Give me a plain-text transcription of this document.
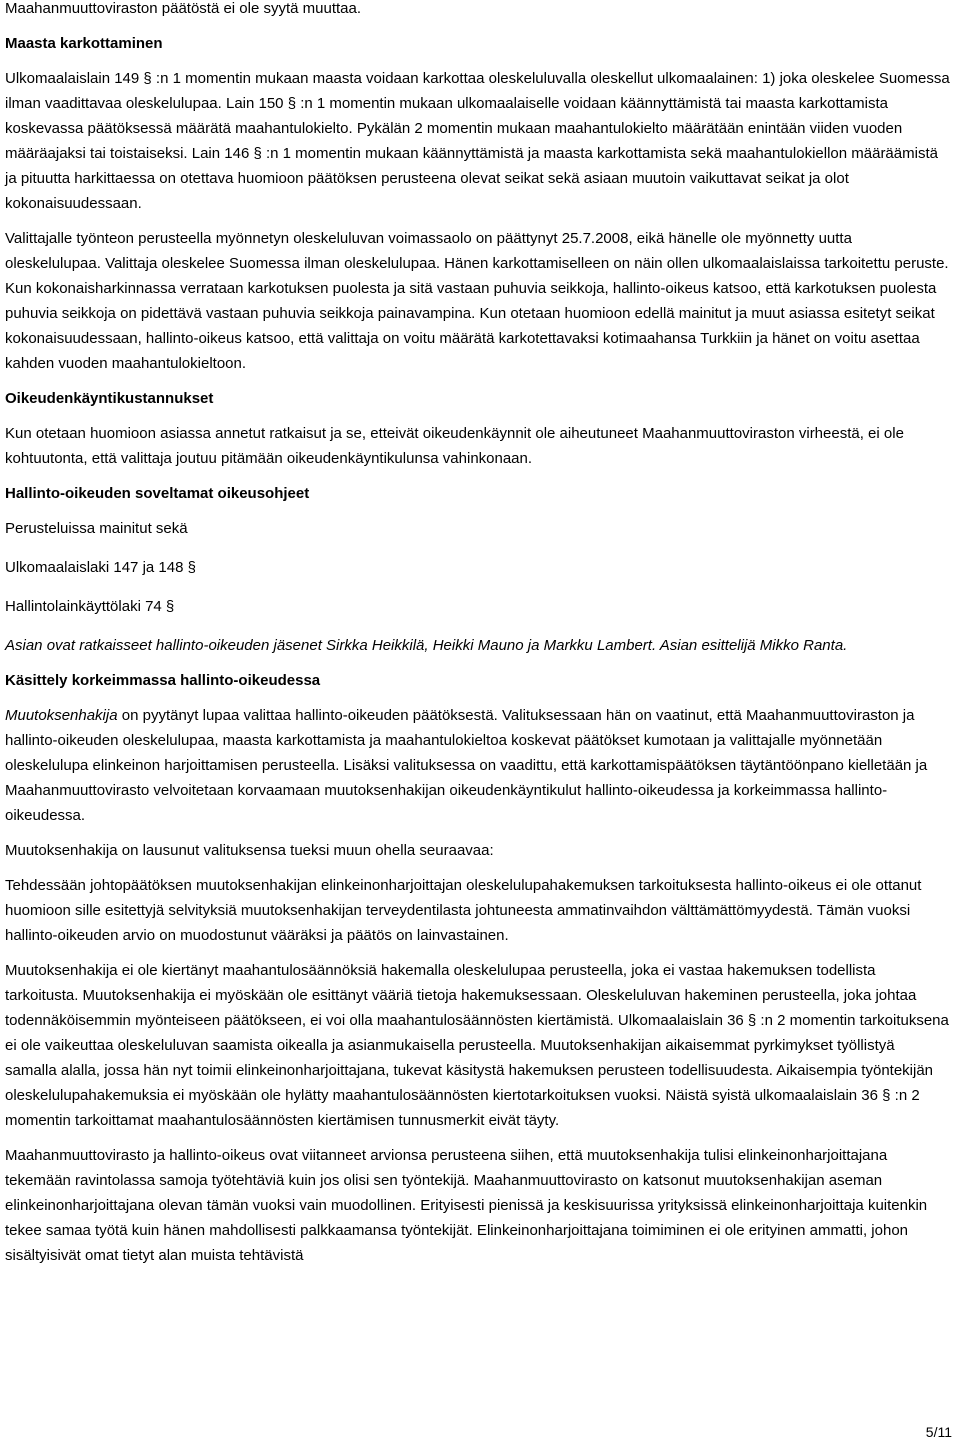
Maahanmuuttoviraston päätöstä ei ole syytä muuttaa.

Maasta karkottaminen

Ulkomaalaislain 149 § :n 1 momentin mukaan maasta voidaan karkottaa oleskeluluvalla oleskellut ulkomaalainen: 1) joka oleskelee Suomessa ilman vaadittavaa oleskelulupaa. Lain 150 § :n 1 momentin mukaan ulkomaalaiselle voidaan käännyttämistä tai maasta karkottamista koskevassa päätöksessä määrätä maahantulokielto. Pykälän 2 momentin mukaan maahantulokielto määrätään enintään viiden vuoden määräajaksi tai toistaiseksi. Lain 146 § :n 1 momentin mukaan käännyttämistä ja maasta karkottamista sekä maahantulokiellon määräämistä ja pituutta harkittaessa on otettava huomioon päätöksen perusteena olevat seikat sekä asiaan muutoin vaikuttavat seikat ja olot kokonaisuudessaan.

Valittajalle työnteon perusteella myönnetyn oleskeluluvan voimassaolo on päättynyt 25.7.2008, eikä hänelle ole myönnetty uutta oleskelulupaa. Valittaja oleskelee Suomessa ilman oleskelulupaa. Hänen karkottamiselleen on näin ollen ulkomaalaislaissa tarkoitettu peruste. Kun kokonaisharkinnassa verrataan karkotuksen puolesta ja sitä vastaan puhuvia seikkoja, hallinto-oikeus katsoo, että karkotuksen puolesta puhuvia seikkoja on pidettävä vastaan puhuvia seikkoja painavampina. Kun otetaan huomioon edellä mainitut ja muut asiassa esitetyt seikat kokonaisuudessaan, hallinto-oikeus katsoo, että valittaja on voitu määrätä karkotettavaksi kotimaahansa Turkkiin ja hänet on voitu asettaa kahden vuoden maahantulokieltoon.

Oikeudenkäyntikustannukset

Kun otetaan huomioon asiassa annetut ratkaisut ja se, etteivät oikeudenkäynnit ole aiheutuneet Maahanmuuttoviraston virheestä, ei ole kohtuutonta, että valittaja joutuu pitämään oikeudenkäyntikulunsa vahinkonaan.

Hallinto-oikeuden soveltamat oikeusohjeet

Perusteluissa mainitut sekä

Ulkomaalaislaki 147 ja 148 §

Hallintolainkäyttölaki 74 §

Asian ovat ratkaisseet hallinto-oikeuden jäsenet Sirkka Heikkilä, Heikki Mauno ja Markku Lambert. Asian esittelijä Mikko Ranta.

Käsittely korkeimmassa hallinto-oikeudessa

Muutoksenhakija on pyytänyt lupaa valittaa hallinto-oikeuden päätöksestä. Valituksessaan hän on vaatinut, että Maahanmuuttoviraston ja hallinto-oikeuden oleskelulupaa, maasta karkottamista ja maahantulokieltoa koskevat päätökset kumotaan ja valittajalle myönnetään oleskelulupa elinkeinon harjoittamisen perusteella. Lisäksi valituksessa on vaadittu, että karkottamispäätöksen täytäntöönpano kielletään ja Maahanmuuttovirasto velvoitetaan korvaamaan muutoksenhakijan oikeudenkäyntikulut hallinto-oikeudessa ja korkeimmassa hallinto-oikeudessa.

Muutoksenhakija on lausunut valituksensa tueksi muun ohella seuraavaa:

Tehdessään johtopäätöksen muutoksenhakijan elinkeinonharjoittajan oleskelulupahakemuksen tarkoituksesta hallinto-oikeus ei ole ottanut huomioon sille esitettyjä selvityksiä muutoksenhakijan terveydentilasta johtuneesta ammatinvaihdon välttämättömyydestä. Tämän vuoksi hallinto-oikeuden arvio on muodostunut vääräksi ja päätös on lainvastainen.

Muutoksenhakija ei ole kiertänyt maahantulosäännöksiä hakemalla oleskelulupaa perusteella, joka ei vastaa hakemuksen todellista tarkoitusta. Muutoksenhakija ei myöskään ole esittänyt vääriä tietoja hakemuksessaan. Oleskeluluvan hakeminen perusteella, joka johtaa todennäköisemmin myönteiseen päätökseen, ei voi olla maahantulosäännösten kiertämistä. Ulkomaalaislain 36 § :n 2 momentin tarkoituksena ei ole vaikeuttaa oleskeluluvan saamista oikealla ja asianmukaisella perusteella. Muutoksenhakijan aikaisemmat pyrkimykset työllistyä samalla alalla, jossa hän nyt toimii elinkeinonharjoittajana, tukevat käsitystä hakemuksen perusteen todellisuudesta. Aikaisempia työntekijän oleskelulupahakemuksia ei myöskään ole hylätty maahantulosäännösten kiertotarkoituksen vuoksi. Näistä syistä ulkomaalaislain 36 § :n 2 momentin tarkoittamat maahantulosäännösten kiertämisen tunnusmerkit eivät täyty.

Maahanmuuttovirasto ja hallinto-oikeus ovat viitanneet arvionsa perusteena siihen, että muutoksenhakija tulisi elinkeinonharjoittajana tekemään ravintolassa samoja työtehtäviä kuin jos olisi sen työntekijä. Maahanmuuttovirasto on katsonut muutoksenhakijan aseman elinkeinonharjoittajana olevan tämän vuoksi vain muodollinen. Erityisesti pienissä ja keskisuurissa yrityksissä elinkeinonharjoittaja kuitenkin tekee samaa työtä kuin hänen mahdollisesti palkkaamansa työntekijät. Elinkeinonharjoittajana toimiminen ei ole erityinen ammatti, johon sisältyisivät omat tietyt alan muista tehtävistä

5/11
